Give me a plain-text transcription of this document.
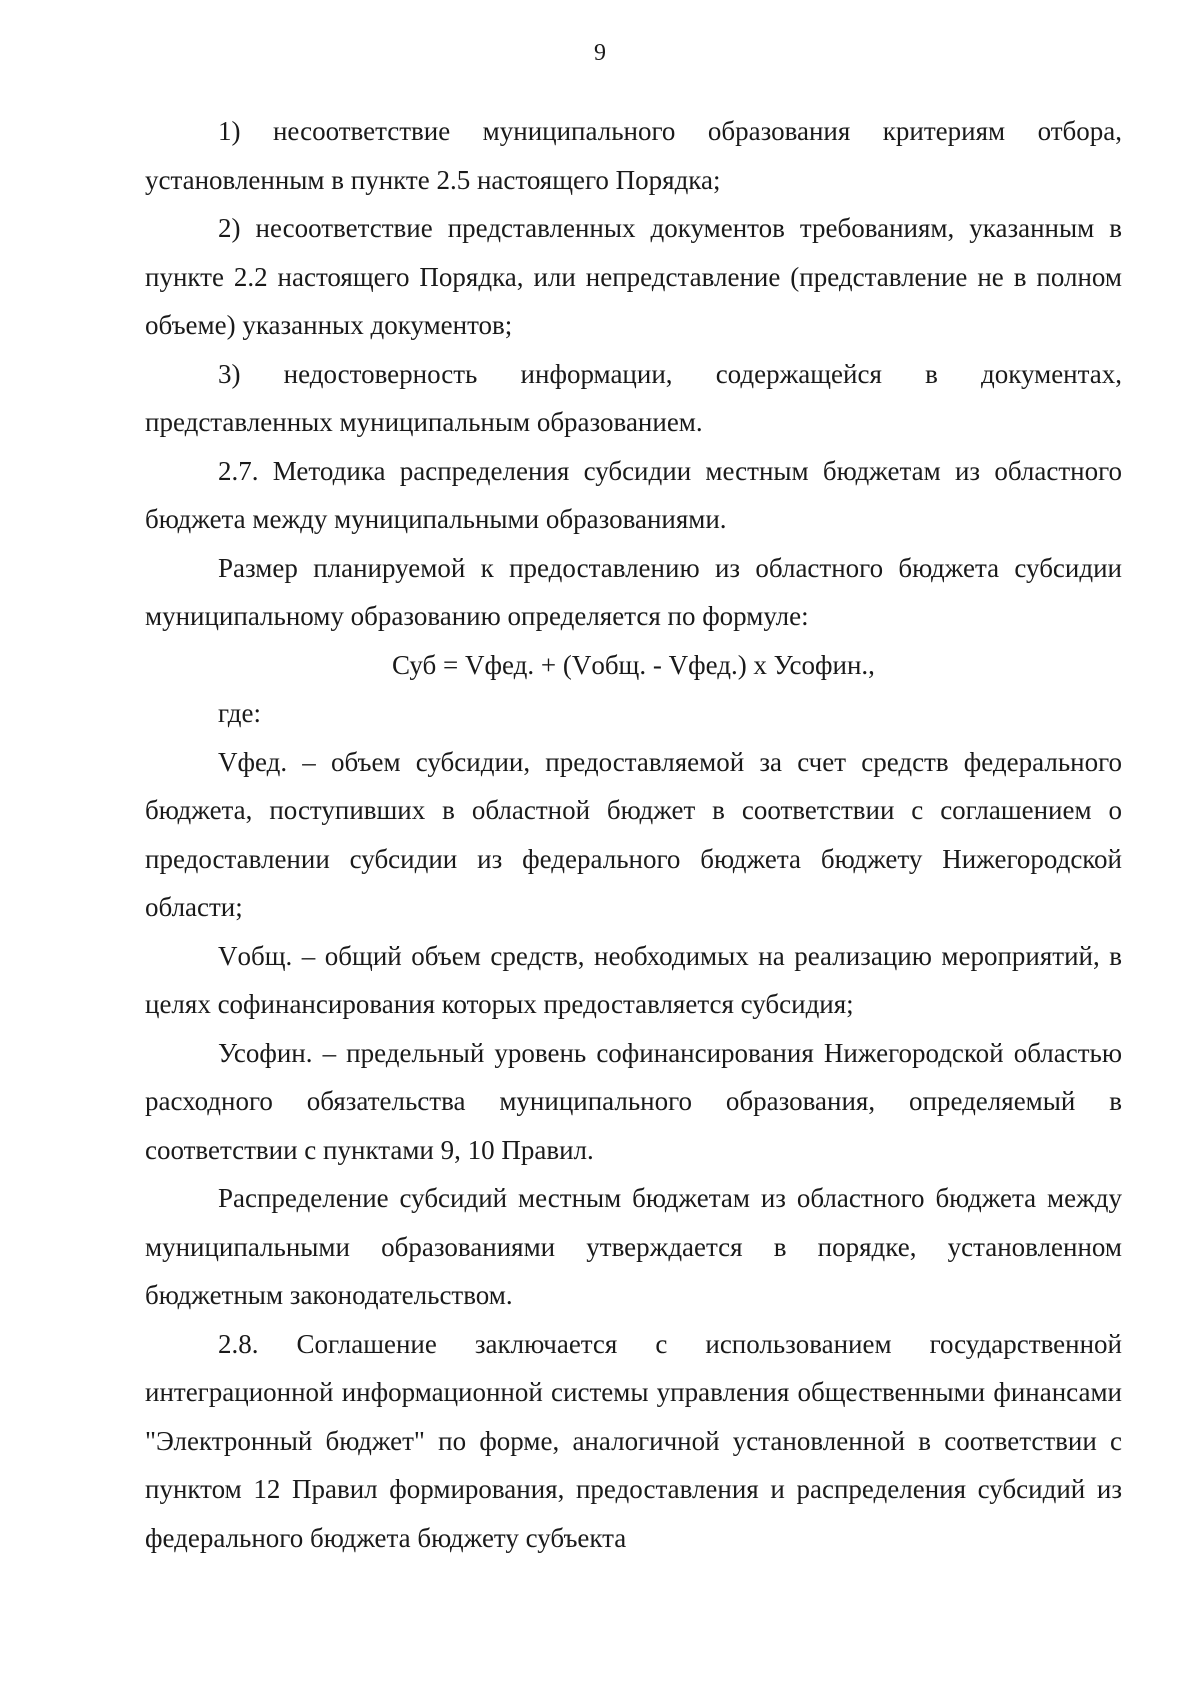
9

1) несоответствие муниципального образования критериям отбора, установленным в пункте 2.5 настоящего Порядка;

2) несоответствие представленных документов требованиям, указанным в пункте 2.2 настоящего Порядка, или непредставление (представление не в полном объеме) указанных документов;

3) недостоверность информации, содержащейся в документах, представленных муниципальным образованием.

2.7. Методика распределения субсидии местным бюджетам из областного бюджета между муниципальными образованиями.

Размер планируемой к предоставлению из областного бюджета субсидии муниципальному образованию определяется по формуле:

Суб = Vфед. + (Vобщ. - Vфед.) х Усофин.,

где:

Vфед. – объем субсидии, предоставляемой за счет средств федерального бюджета, поступивших в областной бюджет в соответствии с соглашением о предоставлении субсидии из федерального бюджета бюджету Нижегородской области;

Vобщ. – общий объем средств, необходимых на реализацию мероприятий, в целях софинансирования которых предоставляется субсидия;

Усофин. – предельный уровень софинансирования Нижегородской областью расходного обязательства муниципального образования, определяемый в соответствии с пунктами 9, 10 Правил.

Распределение субсидий местным бюджетам из областного бюджета между муниципальными образованиями утверждается в порядке, установленном бюджетным законодательством.

2.8. Соглашение заключается с использованием государственной интеграционной информационной системы управления общественными финансами "Электронный бюджет" по форме, аналогичной установленной в соответствии с пунктом 12 Правил формирования, предоставления и распределения субсидий из федерального бюджета бюджету субъекта
